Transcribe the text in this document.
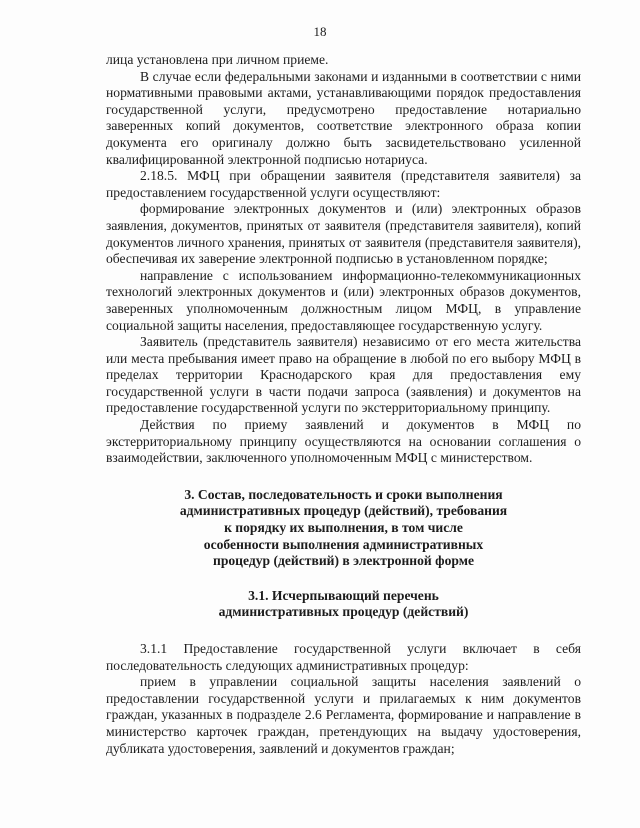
18

лица установлена при личном приеме.

В случае если федеральными законами и изданными в соответствии с ними нормативными правовыми актами, устанавливающими порядок предоставления государственной услуги, предусмотрено предоставление нотариально заверенных копий документов, соответствие электронного образа копии документа его оригиналу должно быть засвидетельствовано усиленной квалифицированной электронной подписью нотариуса.

2.18.5. МФЦ при обращении заявителя (представителя заявителя) за предоставлением государственной услуги осуществляют:

формирование электронных документов и (или) электронных образов заявления, документов, принятых от заявителя (представителя заявителя), копий документов личного хранения, принятых от заявителя (представителя заявителя), обеспечивая их заверение электронной подписью в установленном порядке;

направление с использованием информационно-телекоммуникационных технологий электронных документов и (или) электронных образов документов, заверенных уполномоченным должностным лицом МФЦ, в управление социальной защиты населения, предоставляющее государственную услугу.

Заявитель (представитель заявителя) независимо от его места жительства или места пребывания имеет право на обращение в любой по его выбору МФЦ в пределах территории Краснодарского края для предоставления ему государственной услуги в части подачи запроса (заявления) и документов на предоставление государственной услуги по экстерриториальному принципу.

Действия по приему заявлений и документов в МФЦ по экстерриториальному принципу осуществляются на основании соглашения о взаимодействии, заключенного уполномоченным МФЦ с министерством.

3. Состав, последовательность и сроки выполнения
административных процедур (действий), требования
к порядку их выполнения, в том числе
особенности выполнения административных
процедур (действий) в электронной форме

3.1. Исчерпывающий перечень
административных процедур (действий)

3.1.1 Предоставление государственной услуги включает в себя последовательность следующих административных процедур:

прием в управлении социальной защиты населения заявлений о предоставлении государственной услуги и прилагаемых к ним документов граждан, указанных в подразделе 2.6 Регламента, формирование и направление в министерство карточек граждан, претендующих на выдачу удостоверения, дубликата удостоверения, заявлений и документов граждан;
